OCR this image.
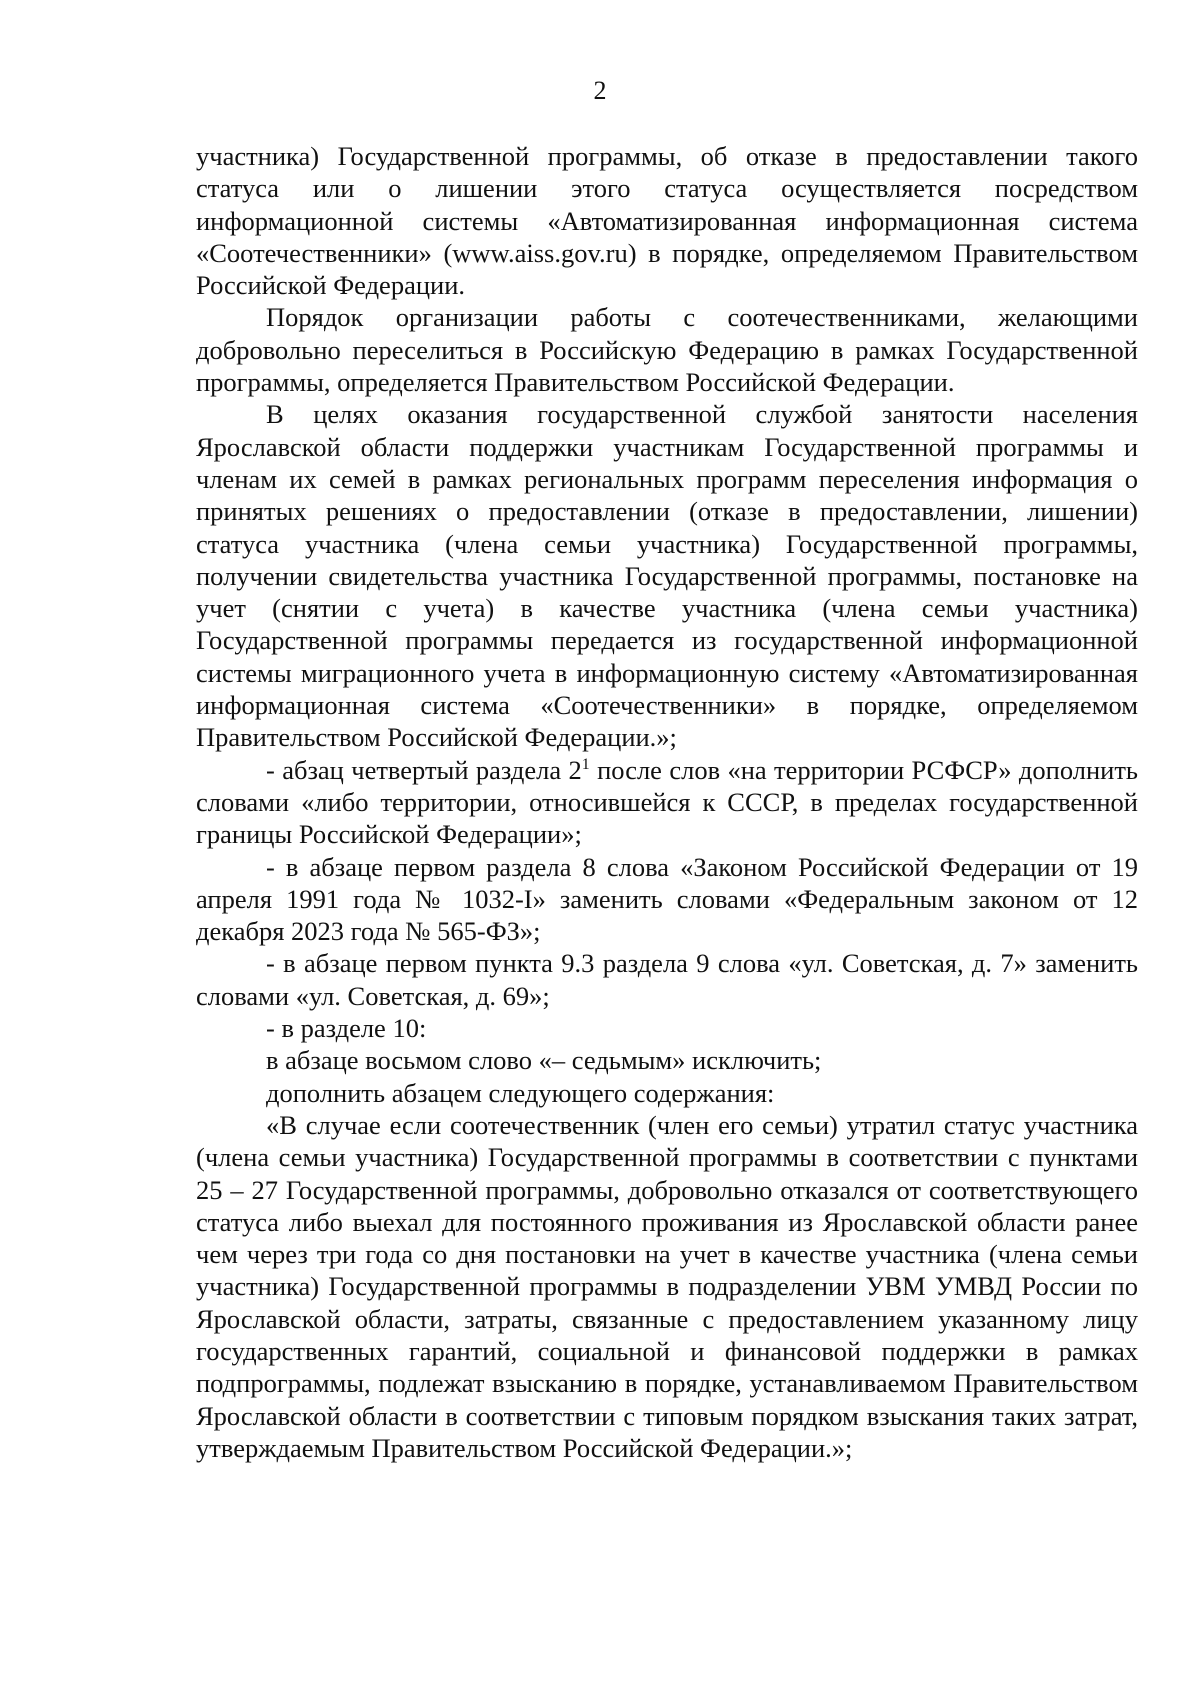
2

участника) Государственной программы, об отказе в предоставлении такого статуса или о лишении этого статуса осуществляется посредством информационной системы «Автоматизированная информационная система «Соотечественники» (www.aiss.gov.ru) в порядке, определяемом Правительством Российской Федерации.

Порядок организации работы с соотечественниками, желающими добровольно переселиться в Российскую Федерацию в рамках Государственной программы, определяется Правительством Российской Федерации.

В целях оказания государственной службой занятости населения Ярославской области поддержки участникам Государственной программы и членам их семей в рамках региональных программ переселения информация о принятых решениях о предоставлении (отказе в предоставлении, лишении) статуса участника (члена семьи участника) Государственной программы, получении свидетельства участника Государственной программы, постановке на учет (снятии с учета) в качестве участника (члена семьи участника) Государственной программы передается из государственной информационной системы миграционного учета в информационную систему «Автоматизированная информационная система «Соотечественники» в порядке, определяемом Правительством Российской Федерации.»;

- абзац четвертый раздела $2^1$ после слов «на территории РСФСР» дополнить словами «либо территории, относившейся к СССР, в пределах государственной границы Российской Федерации»;

- в абзаце первом раздела 8 слова «Законом Российской Федерации от 19 апреля 1991 года № 1032-I» заменить словами «Федеральным законом от 12 декабря 2023 года № 565-ФЗ»;

- в абзаце первом пункта 9.3 раздела 9 слова «ул. Советская, д. 7» заменить словами «ул. Советская, д. 69»;

- в разделе 10:

в абзаце восьмом слово «– седьмым» исключить;

дополнить абзацем следующего содержания:

«В случае если соотечественник (член его семьи) утратил статус участника (члена семьи участника) Государственной программы в соответствии с пунктами 25 – 27 Государственной программы, добровольно отказался от соответствующего статуса либо выехал для постоянного проживания из Ярославской области ранее чем через три года со дня постановки на учет в качестве участника (члена семьи участника) Государственной программы в подразделении УВМ УМВД России по Ярославской области, затраты, связанные с предоставлением указанному лицу государственных гарантий, социальной и финансовой поддержки в рамках подпрограммы, подлежат взысканию в порядке, устанавливаемом Правительством Ярославской области в соответствии с типовым порядком взыскания таких затрат, утверждаемым Правительством Российской Федерации.»;
